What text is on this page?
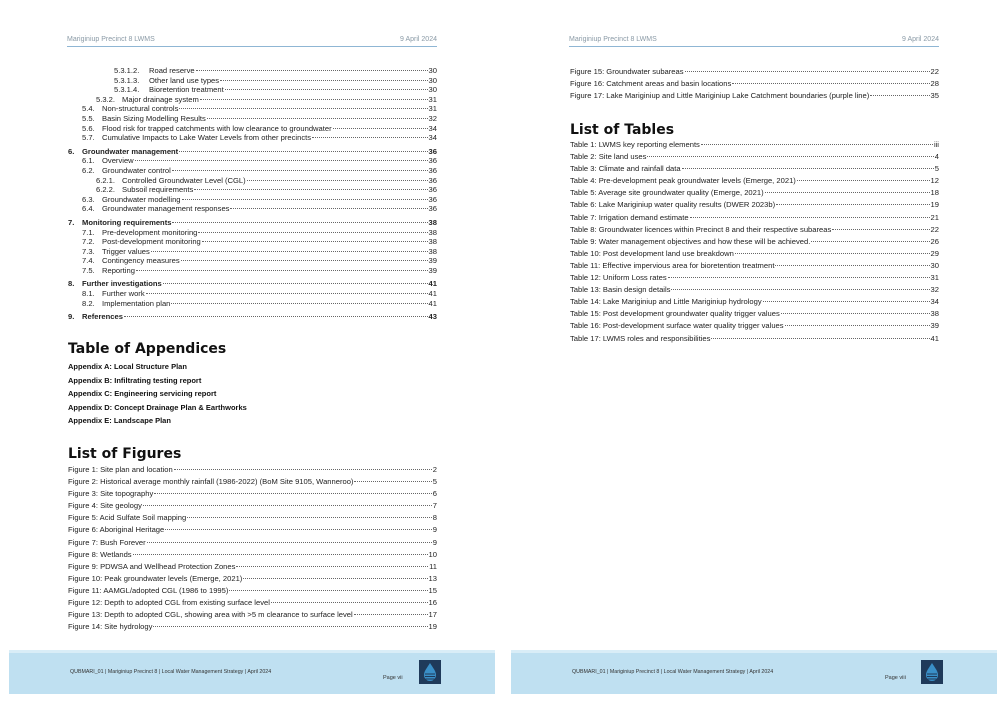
Mariginiup Precinct 8 LWMS	9 April 2024
5.3.1.2.	Road reserve	30
5.3.1.3.	Other land use types	30
5.3.1.4.	Bioretention treatment	30
5.3.2. Major drainage system	31
5.4. Non-structural controls	31
5.5. Basin Sizing Modelling Results	32
5.6. Flood risk for trapped catchments with low clearance to groundwater	34
5.7. Cumulative Impacts to Lake Water Levels from other precincts	34
6.	Groundwater management	36
6.1. Overview	36
6.2. Groundwater control	36
6.2.1. Controlled Groundwater Level (CGL)	36
6.2.2. Subsoil requirements	36
6.3. Groundwater modelling	36
6.4. Groundwater management responses	36
7.	Monitoring requirements	38
7.1. Pre-development monitoring	38
7.2. Post-development monitoring	38
7.3. Trigger values	38
7.4. Contingency measures	39
7.5. Reporting	39
8.	Further investigations	41
8.1. Further work	41
8.2. Implementation plan	41
9.	References	43
Table of Appendices
Appendix A: Local Structure Plan
Appendix B: Infiltrating testing report
Appendix C: Engineering servicing report
Appendix D: Concept Drainage Plan & Earthworks
Appendix E: Landscape Plan
List of Figures
Figure 1: Site plan and location	2
Figure 2: Historical average monthly rainfall (1986-2022) (BoM Site 9105, Wanneroo)	5
Figure 3: Site topography	6
Figure 4: Site geology	7
Figure 5: Acid Sulfate Soil mapping	8
Figure 6: Aboriginal Heritage	9
Figure 7: Bush Forever	9
Figure 8: Wetlands	10
Figure 9: PDWSA and Wellhead Protection Zones	11
Figure 10: Peak groundwater levels (Emerge, 2021)	13
Figure 11: AAMGL/adopted CGL (1986 to 1995)	15
Figure 12: Depth to adopted CGL from existing surface level	16
Figure 13: Depth to adopted CGL, showing area with >5 m clearance to surface level	17
Figure 14: Site hydrology	19
QUBMARI_01 | Mariginiup Precinct 8 | Local Water Management Strategy | April 2024
Page vii
Mariginiup Precinct 8 LWMS	9 April 2024
Figure 15: Groundwater subareas	22
Figure 16: Catchment areas and basin locations	28
Figure 17: Lake Mariginiup and Little Mariginiup Lake Catchment boundaries (purple line)	35
List of Tables
Table 1: LWMS key reporting elements	iii
Table 2: Site land uses	4
Table 3: Climate and rainfall data	5
Table 4: Pre-development peak groundwater levels (Emerge, 2021)	12
Table 5: Average site groundwater quality (Emerge, 2021)	18
Table 6: Lake Mariginiup water quality results (DWER 2023b)	19
Table 7: Irrigation demand estimate	21
Table 8: Groundwater licences within Precinct 8 and their respective subareas	22
Table 9: Water management objectives and how these will be achieved.	26
Table 10: Post development land use breakdown	29
Table 11: Effective impervious area for bioretention treatment	30
Table 12: Uniform Loss rates	31
Table 13: Basin design details	32
Table 14: Lake Mariginiup and Little Mariginiup hydrology	34
Table 15: Post development groundwater quality trigger values	38
Table 16: Post-development surface water quality trigger values	39
Table 17: LWMS roles and responsibilities	41
QUBMARI_01 | Mariginiup Precinct 8 | Local Water Management Strategy | April 2024
Page viii
